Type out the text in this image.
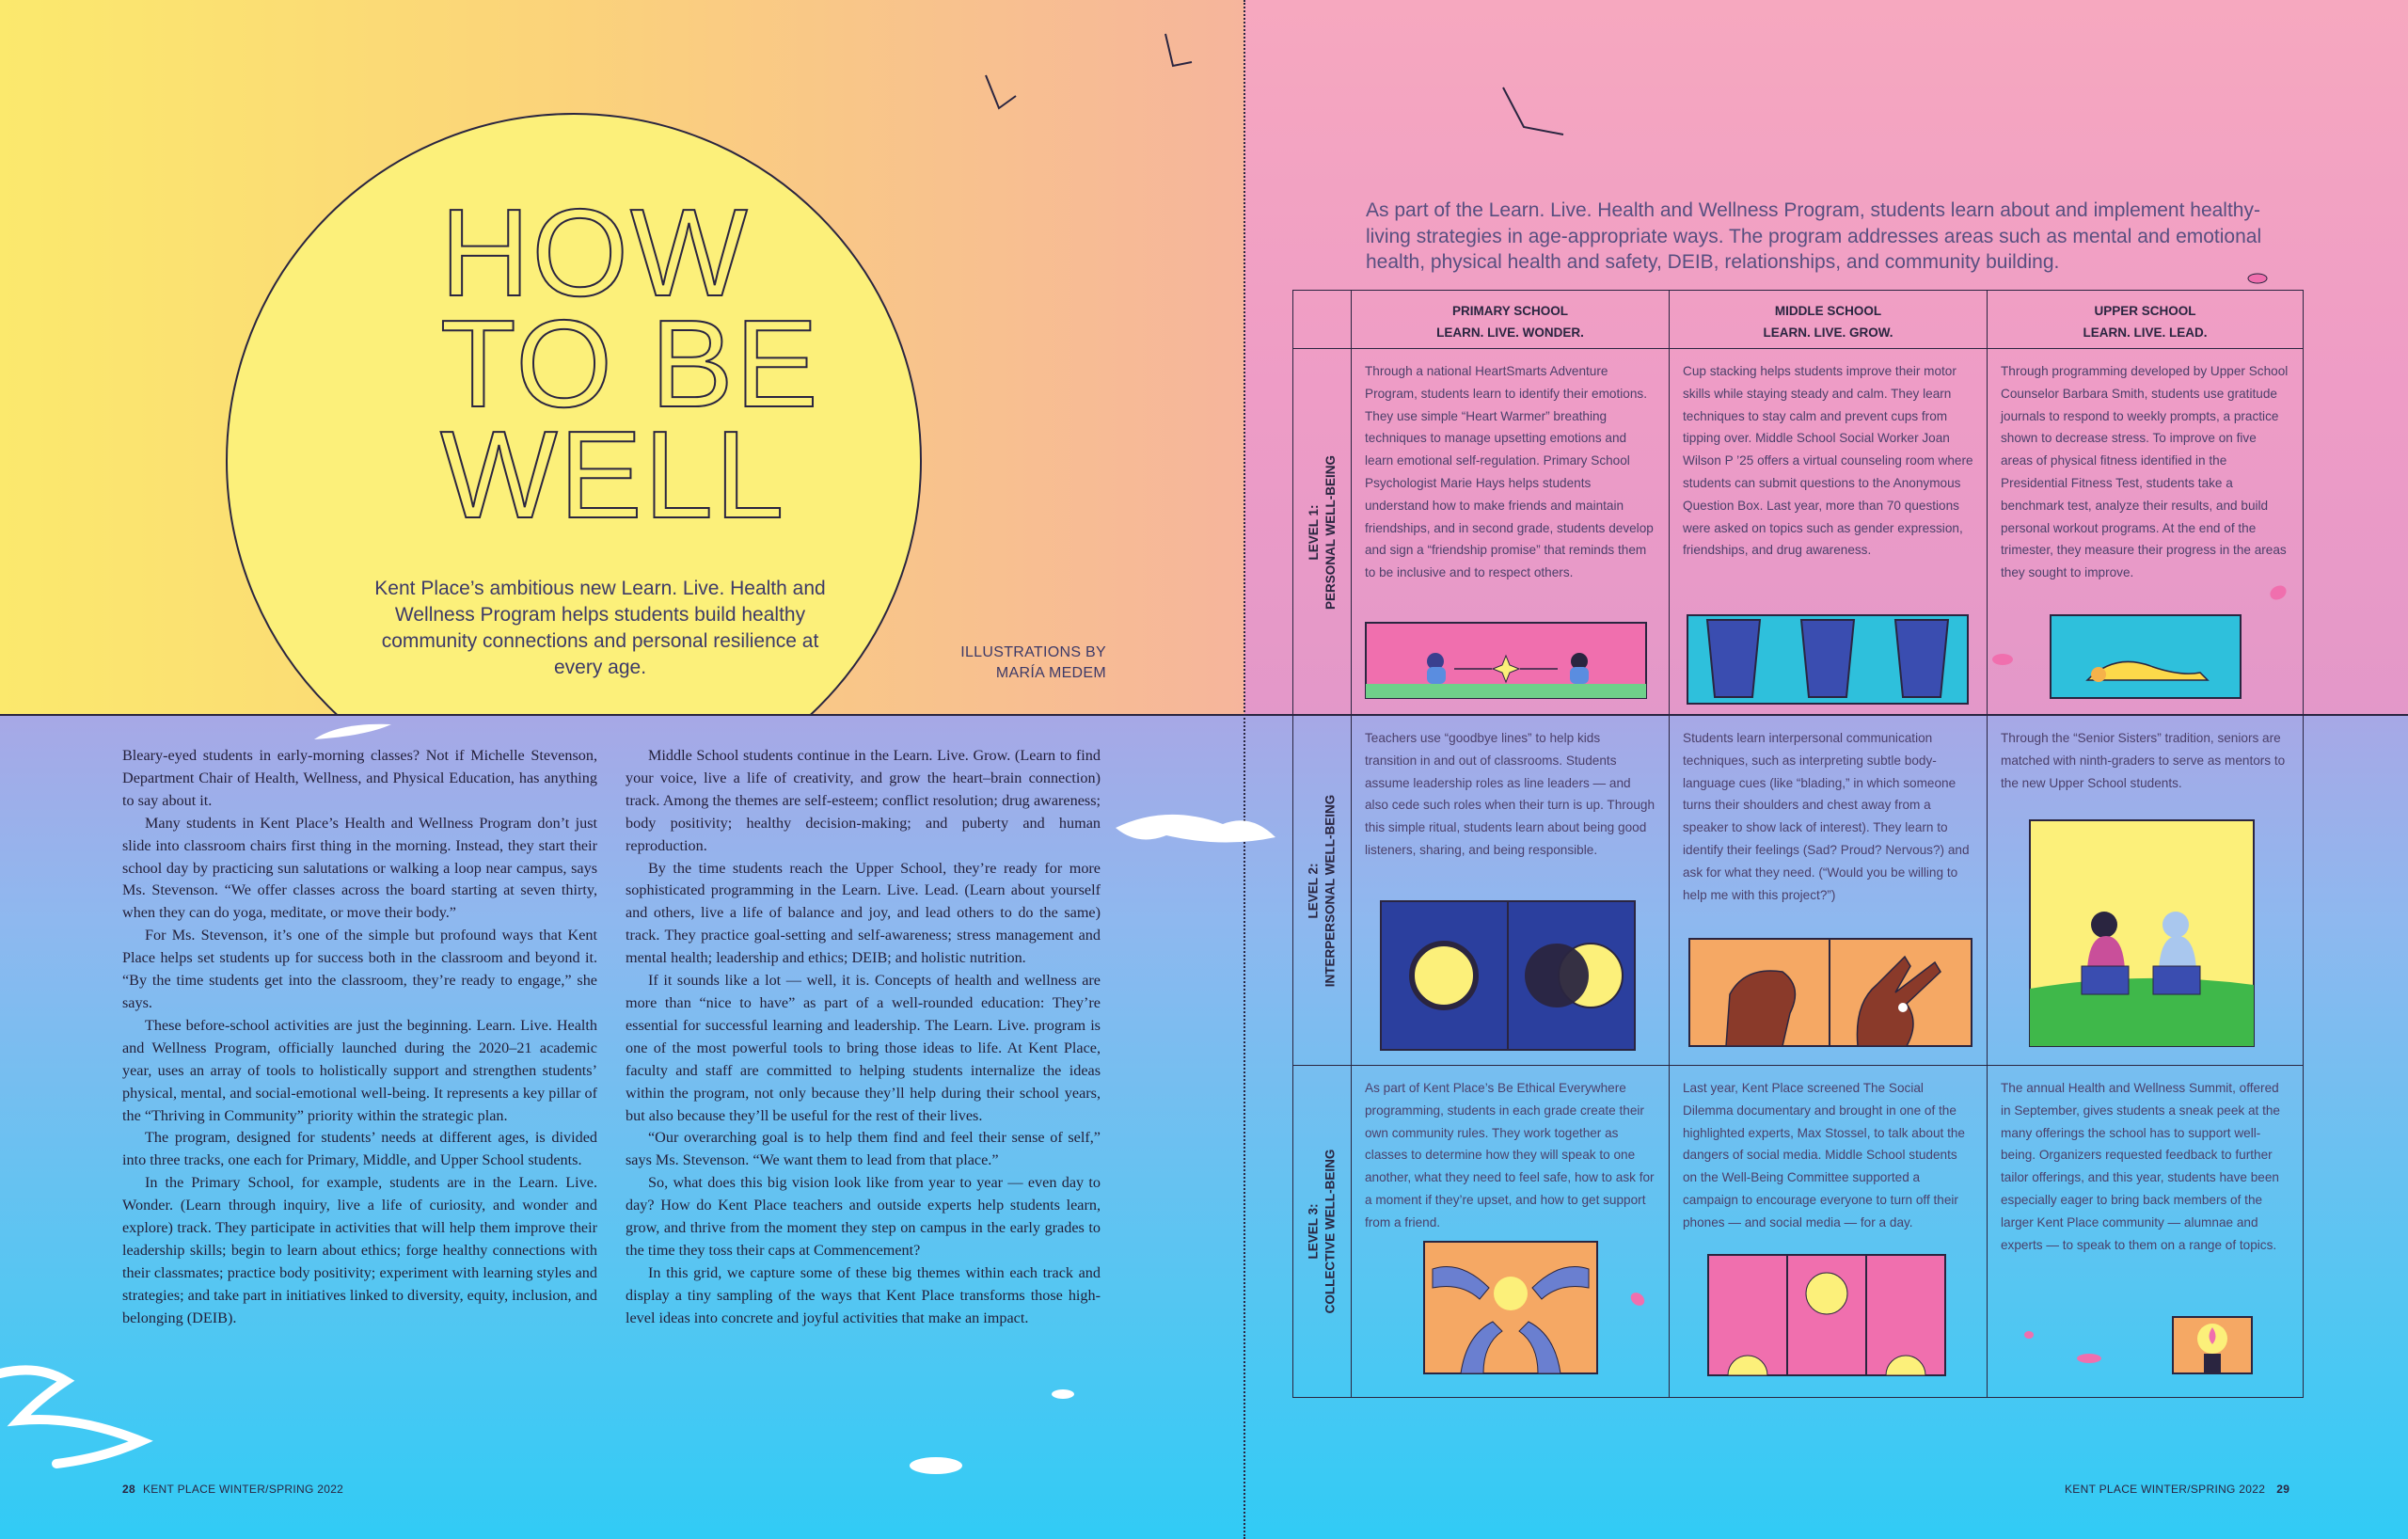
HOW
TO BE
WELL
Kent Place’s ambitious new Learn. Live. Health and Wellness Program helps students build healthy community connections and personal resilience at every age.
ILLUSTRATIONS BY
MARÍA MEDEM

Bleary-eyed students in early-morning classes? Not if Michelle Stevenson, Department Chair of Health, Wellness, and Physical Education, has anything to say about it.

Many students in Kent Place’s Health and Wellness Program don’t just slide into classroom chairs first thing in the morning. Instead, they start their school day by practicing sun salutations or walking a loop near campus, says Ms. Stevenson. “We offer classes across the board starting at seven thirty, when they can do yoga, meditate, or move their body.”

For Ms. Stevenson, it’s one of the simple but profound ways that Kent Place helps set students up for success both in the classroom and beyond it. “By the time students get into the classroom, they’re ready to engage,” she says.

These before-school activities are just the beginning. Learn. Live. Health and Wellness Program, officially launched during the 2020–21 academic year, uses an array of tools to holistically support and strengthen students’ physical, mental, and social-emotional well-being. It represents a key pillar of the “Thriving in Community” priority within the strategic plan.

The program, designed for students’ needs at different ages, is divided into three tracks, one each for Primary, Middle, and Upper School students.

In the Primary School, for example, students are in the Learn. Live. Wonder. (Learn through inquiry, live a life of curiosity, and wonder and explore) track. They participate in activities that will help them improve their leadership skills; begin to learn about ethics; forge healthy connections with their classmates; practice body positivity; experiment with learning styles and strategies; and take part in initiatives linked to diversity, equity, inclusion, and belonging (DEIB).

Middle School students continue in the Learn. Live. Grow. (Learn to find your voice, live a life of creativity, and grow the heart–brain connection) track. Among the themes are self-esteem; conflict resolution; drug awareness; body positivity; healthy decision-making; and puberty and human reproduction.

By the time students reach the Upper School, they’re ready for more sophisticated programming in the Learn. Live. Lead. (Learn about yourself and others, live a life of balance and joy, and lead others to do the same) track. They practice goal-setting and self-awareness; stress management and mental health; leadership and ethics; DEIB; and holistic nutrition.

If it sounds like a lot — well, it is. Concepts of health and wellness are more than “nice to have” as part of a well-rounded education: They’re essential for successful learning and leadership. The Learn. Live. program is one of the most powerful tools to bring those ideas to life. At Kent Place, faculty and staff are committed to helping students internalize the ideas within the program, not only because they’ll help during their school years, but also because they’ll be useful for the rest of their lives.

“Our overarching goal is to help them find and feel their sense of self,” says Ms. Stevenson. “We want them to lead from that place.”

So, what does this big vision look like from year to year — even day to day? How do Kent Place teachers and outside experts help students learn, grow, and thrive from the moment they step on campus in the early grades to the time they toss their caps at Commencement?

In this grid, we capture some of these big themes within each track and display a tiny sampling of the ways that Kent Place transforms those high-level ideas into concrete and joyful activities that make an impact.

28 KENT PLACE WINTER/SPRING 2022
As part of the Learn. Live. Health and Wellness Program, students learn about and implement healthy-living strategies in age-appropriate ways. The program addresses areas such as mental and emotional health, physical health and safety, DEIB, relationships, and community building.
PRIMARY SCHOOL
LEARN. LIVE. WONDER.
MIDDLE SCHOOL
LEARN. LIVE. GROW.
UPPER SCHOOL
LEARN. LIVE. LEAD.
LEVEL 1: PERSONAL WELL-BEING
Through a national HeartSmarts Adventure Program, students learn to identify their emotions. They use simple “Heart Warmer” breathing techniques to manage upsetting emotions and learn emotional self-regulation. Primary School Psychologist Marie Hays helps students understand how to make friends and maintain friendships, and in second grade, students develop and sign a “friendship promise” that reminds them to be inclusive and to respect others.
Cup stacking helps students improve their motor skills while staying steady and calm. They learn techniques to stay calm and prevent cups from tipping over. Middle School Social Worker Joan Wilson P ’25 offers a virtual counseling room where students can submit questions to the Anonymous Question Box. Last year, more than 70 questions were asked on topics such as gender expression, friendships, and drug awareness.
Through programming developed by Upper School Counselor Barbara Smith, students use gratitude journals to respond to weekly prompts, a practice shown to decrease stress. To improve on five areas of physical fitness identified in the Presidential Fitness Test, students take a benchmark test, analyze their results, and build personal workout programs. At the end of the trimester, they measure their progress in the areas they sought to improve.
LEVEL 2: INTERPERSONAL WELL-BEING
Teachers use “goodbye lines” to help kids transition in and out of classrooms. Students assume leadership roles as line leaders — and also cede such roles when their turn is up. Through this simple ritual, students learn about being good listeners, sharing, and being responsible.
Students learn interpersonal communication techniques, such as interpreting subtle body-language cues (like “blading,” in which someone turns their shoulders and chest away from a speaker to show lack of interest). They learn to identify their feelings (Sad? Proud? Nervous?) and ask for what they need. (“Would you be willing to help me with this project?”)
Through the “Senior Sisters” tradition, seniors are matched with ninth-graders to serve as mentors to the new Upper School students.
LEVEL 3: COLLECTIVE WELL-BEING
As part of Kent Place’s Be Ethical Everywhere programming, students in each grade create their own community rules. They work together as classes to determine how they will speak to one another, what they need to feel safe, how to ask for a moment if they’re upset, and how to get support from a friend.
Last year, Kent Place screened The Social Dilemma documentary and brought in one of the highlighted experts, Max Stossel, to talk about the dangers of social media. Middle School students on the Well-Being Committee supported a campaign to encourage everyone to turn off their phones — and social media — for a day.
The annual Health and Wellness Summit, offered in September, gives students a sneak peek at the many offerings the school has to support well-being. Organizers requested feedback to further tailor offerings, and this year, students have been especially eager to bring back members of the larger Kent Place community — alumnae and experts — to speak to them on a range of topics.
KENT PLACE WINTER/SPRING 2022 29
